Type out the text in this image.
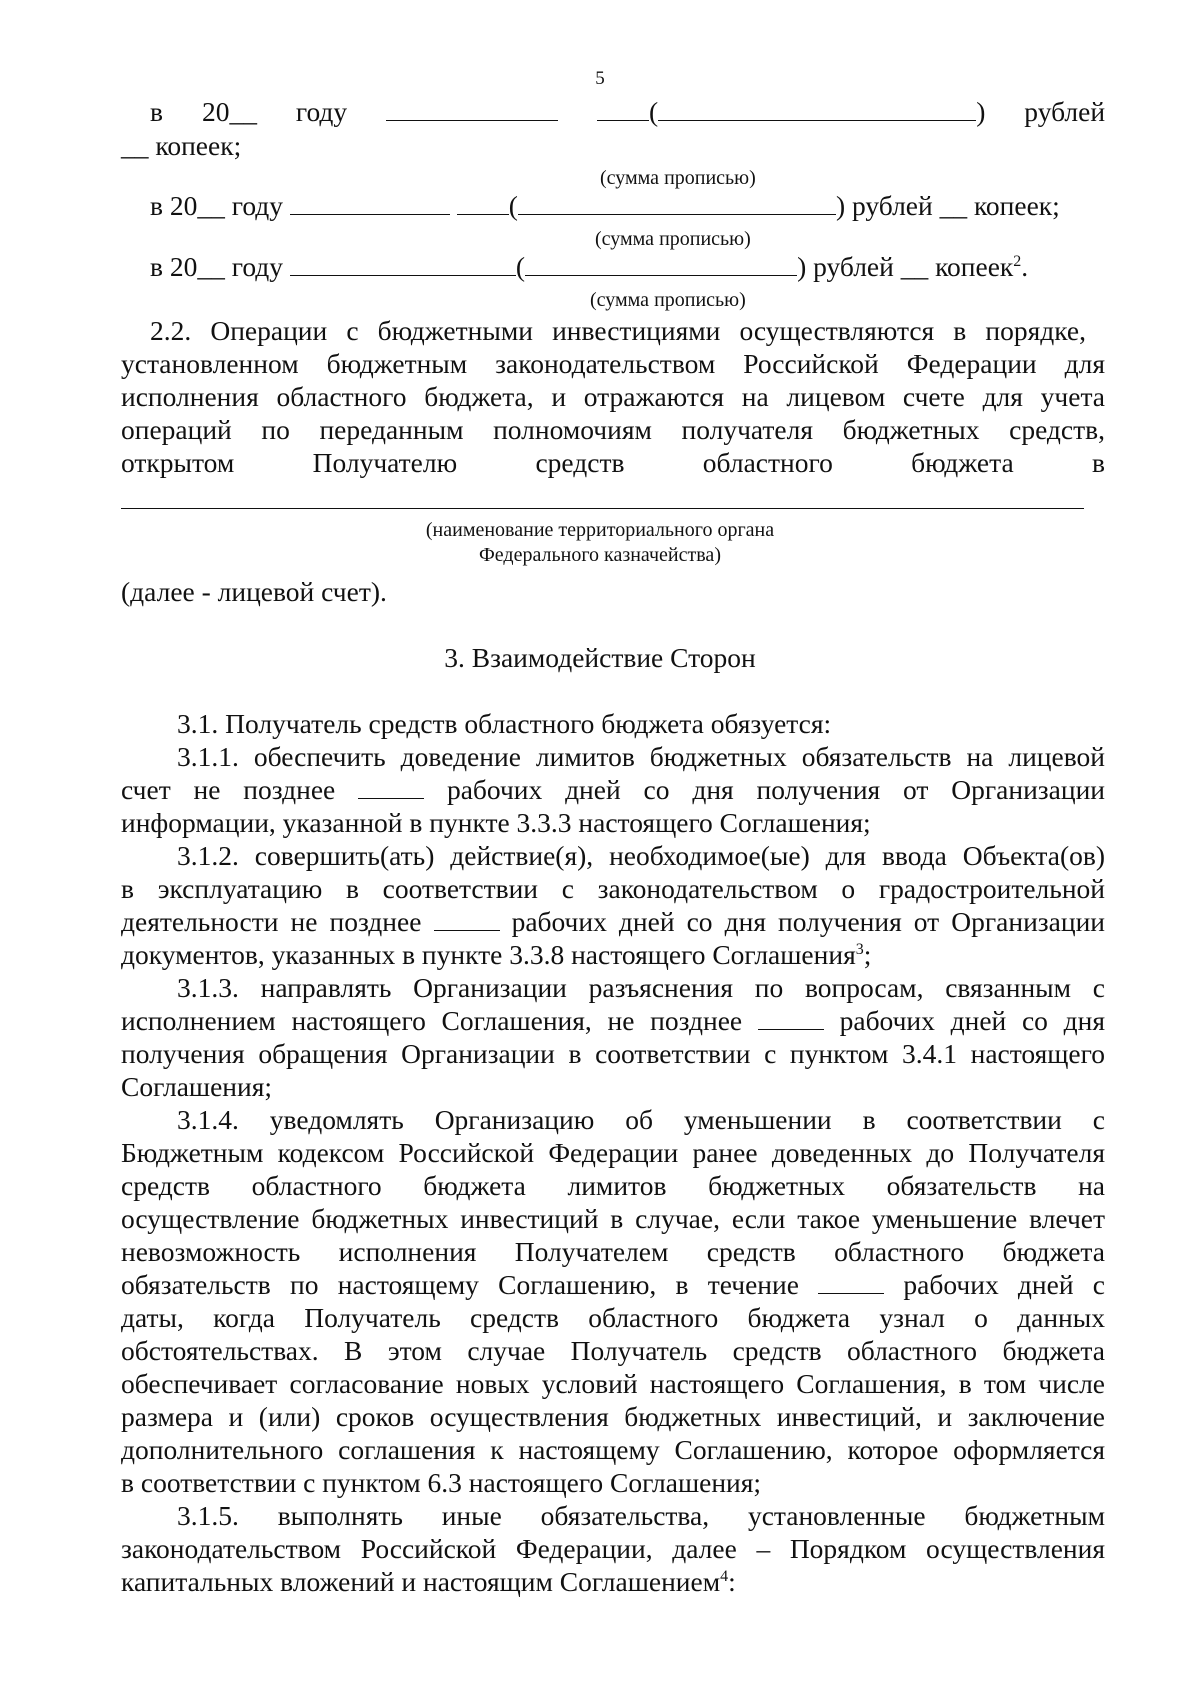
5
в 20__ году	(	) рублей
__ копеек;
(сумма прописью)
в 20__ году	(	) рублей __ копеек;
(сумма прописью)
в 20__ году	(	) рублей __ копеек$^2$.
(сумма прописью)
2.2. Операции с бюджетными инвестициями осуществляются в порядке,
установленном бюджетным законодательством Российской Федерации для
исполнения областного бюджета, и отражаются на лицевом счете для учета
операций по переданным полномочиям получателя бюджетных средств,
открытом Получателю средств областного бюджета в
(наименование территориального органа
Федерального казначейства)
(далее - лицевой счет).
3. Взаимодействие Сторон
3.1. Получатель средств областного бюджета обязуется:
3.1.1. обеспечить доведение лимитов бюджетных обязательств на лицевой
счет не позднее	рабочих дней со дня получения от Организации
информации, указанной в пункте 3.3.3 настоящего Соглашения;
3.1.2. совершить(ать) действие(я), необходимое(ые) для ввода Объекта(ов)
в эксплуатацию в соответствии с законодательством о градостроительной
деятельности не позднее	рабочих дней со дня получения от Организации
документов, указанных в пункте 3.3.8 настоящего Соглашения$^3$;
3.1.3. направлять Организации разъяснения по вопросам, связанным с
исполнением настоящего Соглашения, не позднее	рабочих дней со дня
получения обращения Организации в соответствии с пунктом 3.4.1 настоящего
Соглашения;
3.1.4. уведомлять Организацию об уменьшении в соответствии с
Бюджетным кодексом Российской Федерации ранее доведенных до Получателя
средств областного бюджета лимитов бюджетных обязательств на
осуществление бюджетных инвестиций в случае, если такое уменьшение влечет
невозможность исполнения Получателем средств областного бюджета
обязательств по настоящему Соглашению, в течение	рабочих дней с
даты, когда Получатель средств областного бюджета узнал о данных
обстоятельствах. В этом случае Получатель средств областного бюджета
обеспечивает согласование новых условий настоящего Соглашения, в том числе
размера и (или) сроков осуществления бюджетных инвестиций, и заключение
дополнительного соглашения к настоящему Соглашению, которое оформляется
в соответствии с пунктом 6.3 настоящего Соглашения;
3.1.5. выполнять иные обязательства, установленные бюджетным
законодательством Российской Федерации, далее – Порядком осуществления
капитальных вложений и настоящим Соглашением$^4$:
